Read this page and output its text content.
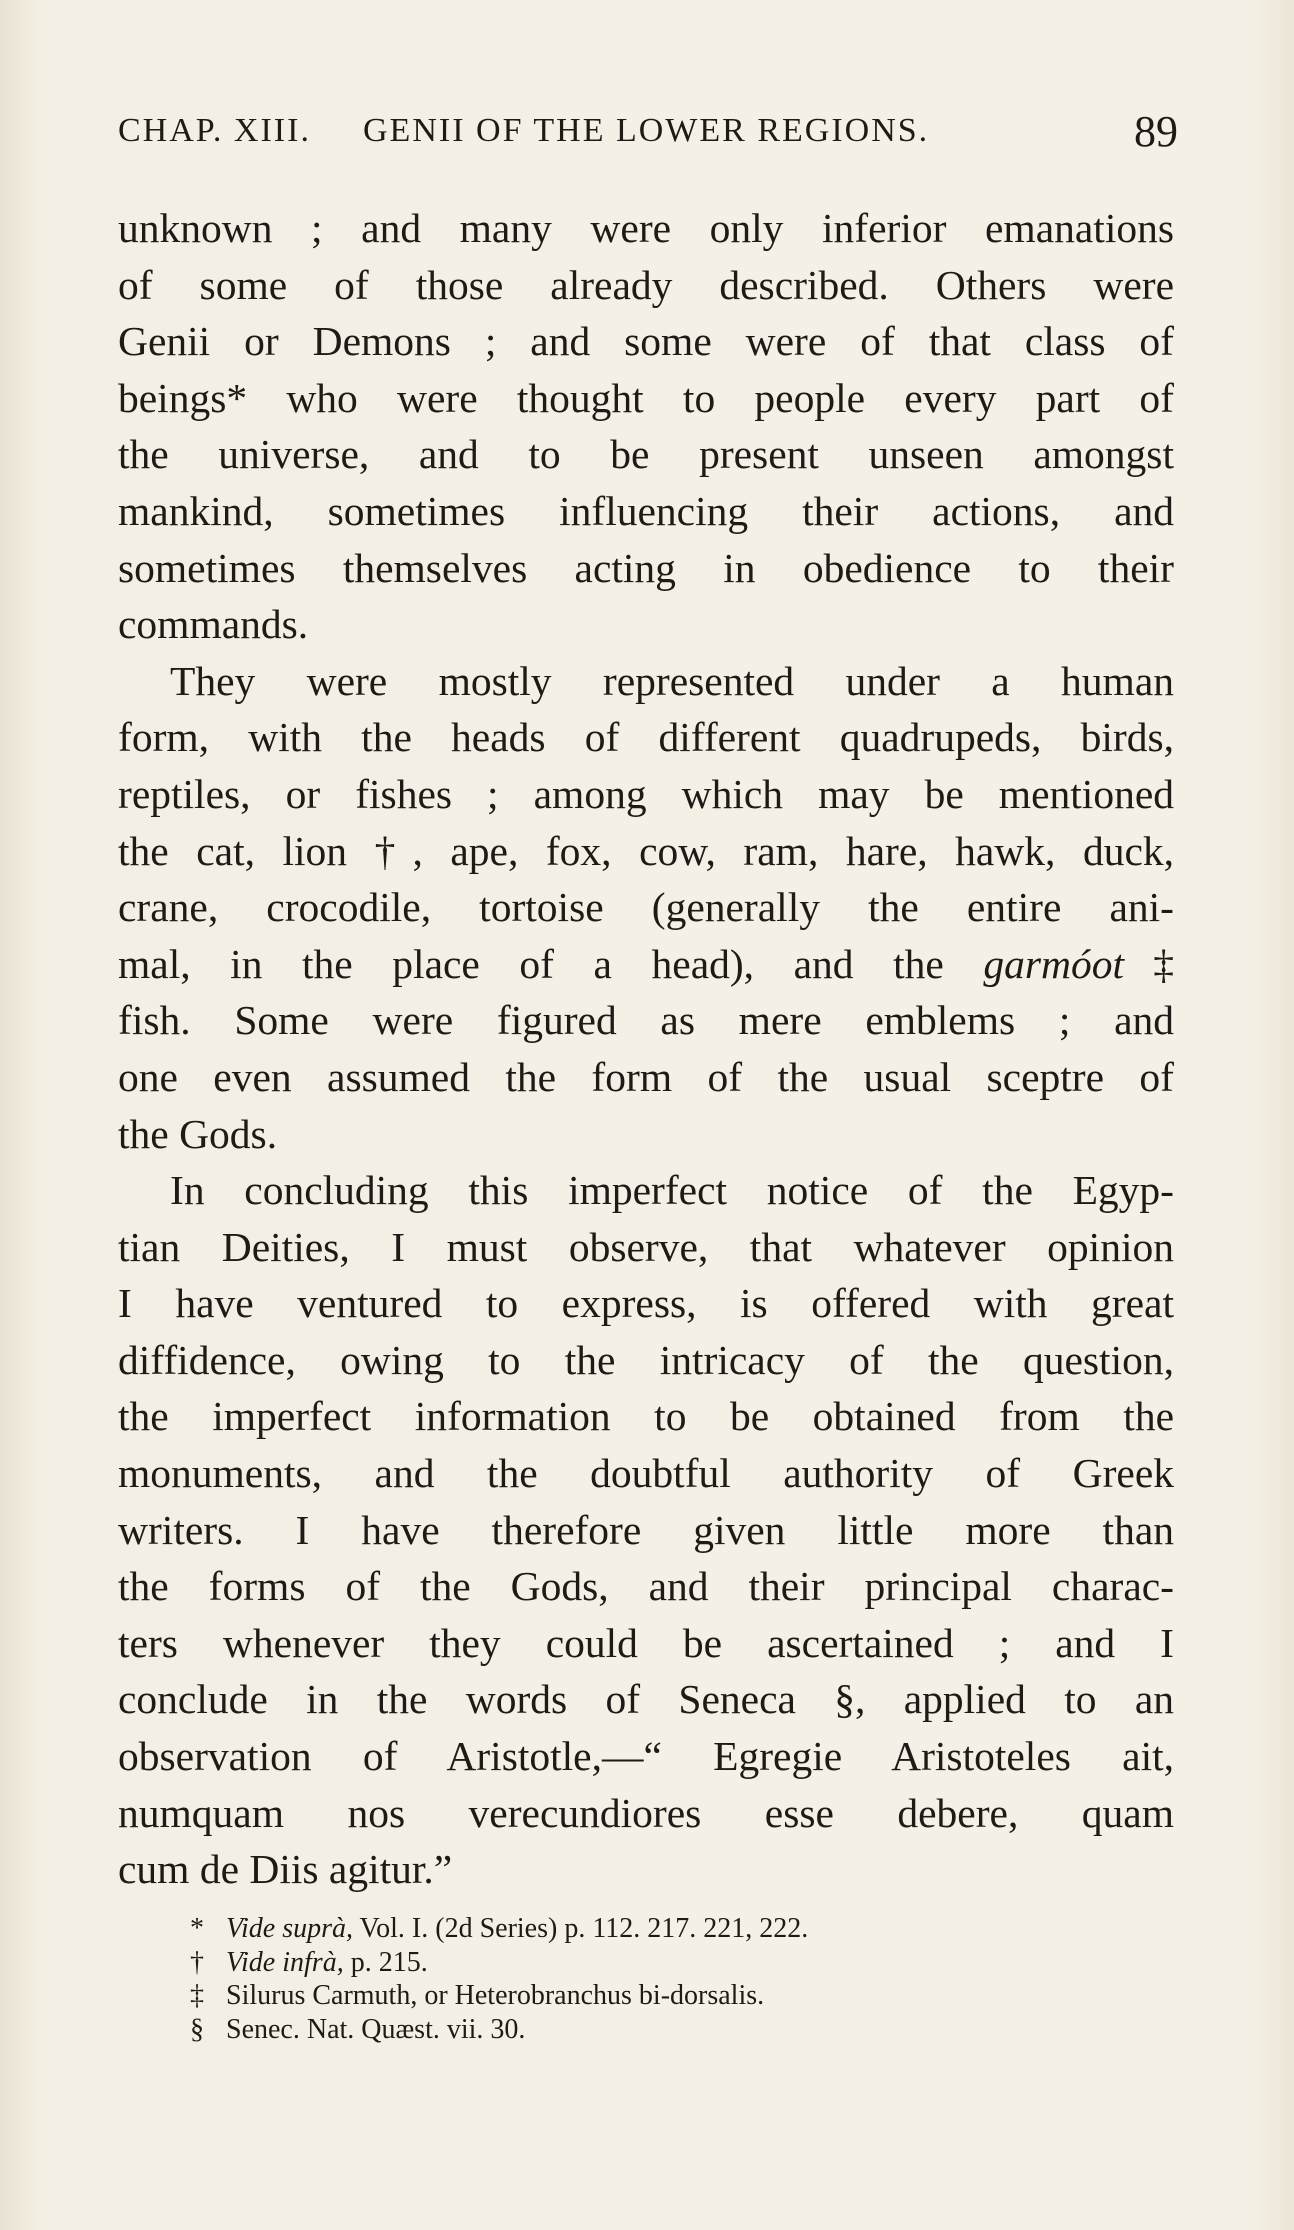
CHAP. XIII. GENII OF THE LOWER REGIONS.	89
unknown ; and many were only inferior emanations
of some of those already described. Others were
Genii or Demons ; and some were of that class of
beings* who were thought to people every part of
the universe, and to be present unseen amongst
mankind, sometimes influencing their actions, and
sometimes themselves acting in obedience to their
commands.
They were mostly represented under a human
form, with the heads of different quadrupeds, birds,
reptiles, or fishes ; among which may be mentioned
the cat, lion †, ape, fox, cow, ram, hare, hawk, duck,
crane, crocodile, tortoise (generally the entire ani-
mal, in the place of a head), and the garmóot‡
fish. Some were figured as mere emblems ; and
one even assumed the form of the usual sceptre of
the Gods.
In concluding this imperfect notice of the Egyp-
tian Deities, I must observe, that whatever opinion
I have ventured to express, is offered with great
diffidence, owing to the intricacy of the question,
the imperfect information to be obtained from the
monuments, and the doubtful authority of Greek
writers. I have therefore given little more than
the forms of the Gods, and their principal charac-
ters whenever they could be ascertained ; and I
conclude in the words of Seneca §, applied to an
observation of Aristotle,—“ Egregie Aristoteles ait,
numquam nos verecundiores esse debere, quam
cum de Diis agitur.”
* Vide suprà, Vol. I. (2d Series) p. 112. 217. 221, 222.
† Vide infrà, p. 215.
‡ Silurus Carmuth, or Heterobranchus bi-dorsalis.
§ Senec. Nat. Quæst. vii. 30.
